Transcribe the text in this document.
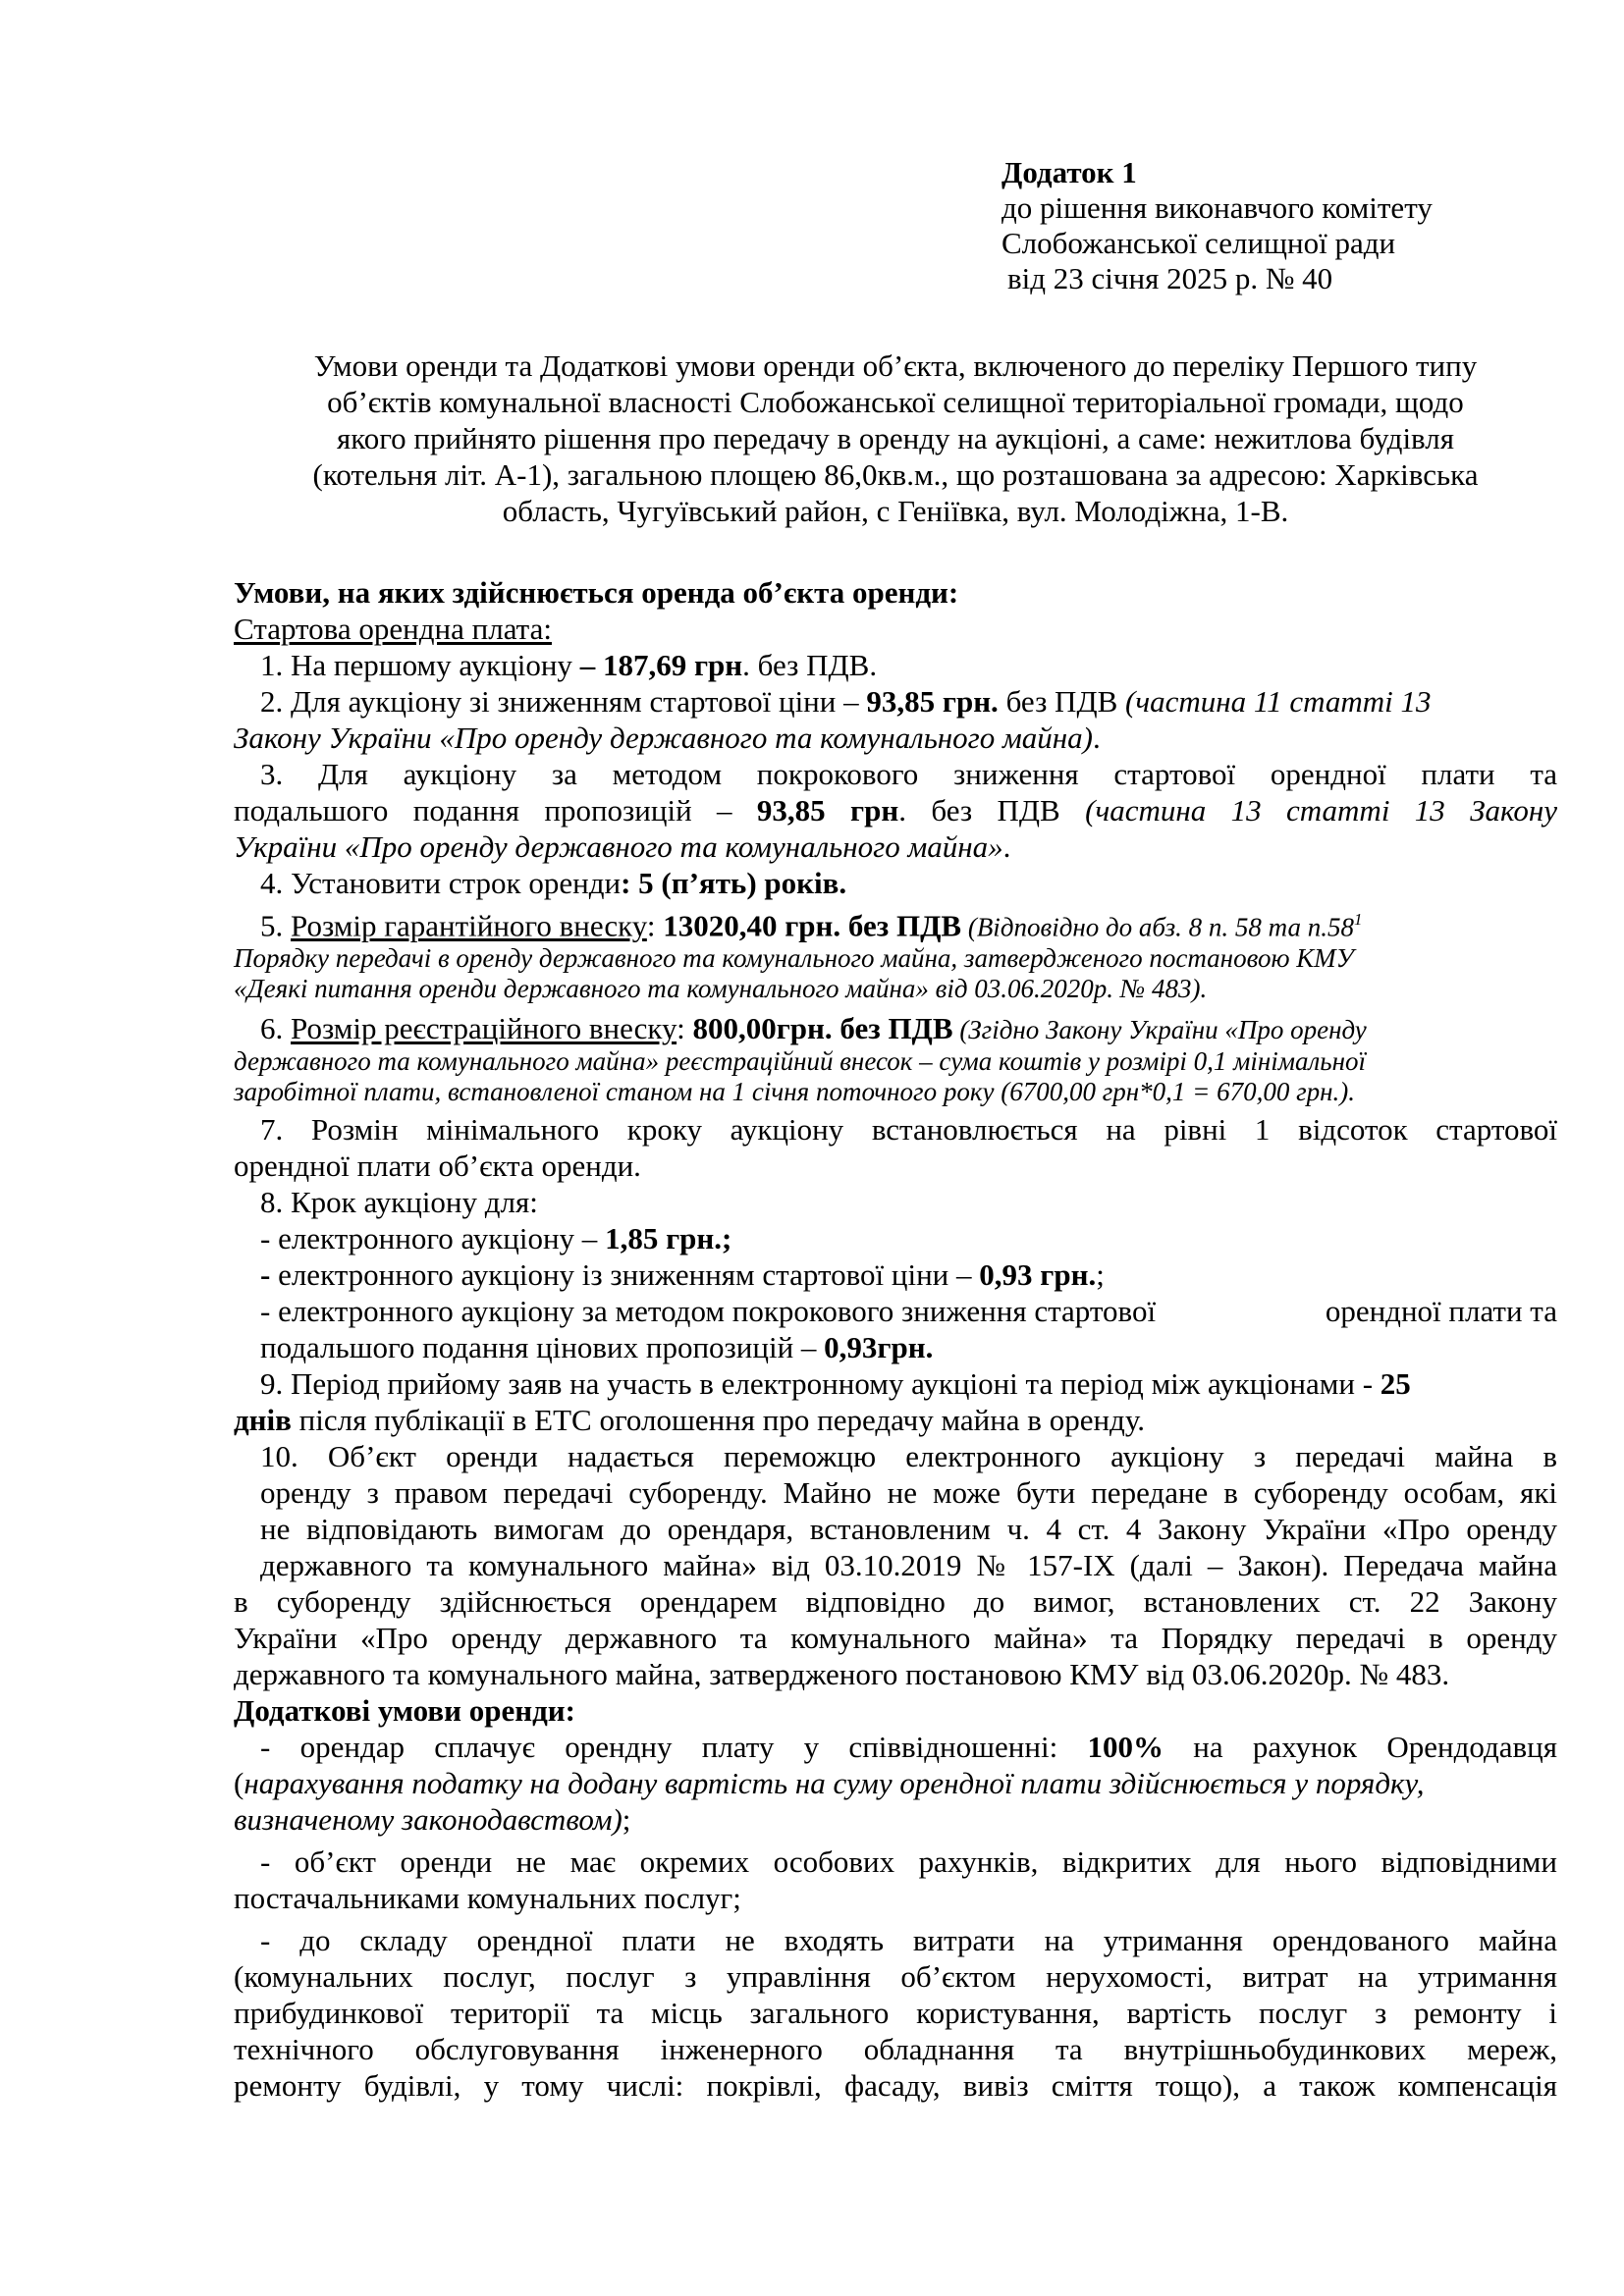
Додаток 1
до рішення виконавчого комітету
Слобожанської селищної ради
від 23 січня 2025 р. № 40
Умови оренди та Додаткові умови оренди об’єкта, включеного до переліку Першого типу
об’єктів комунальної власності Слобожанської селищної територіальної громади, щодо
якого прийнято рішення про передачу в оренду на аукціоні, а саме: нежитлова будівля
(котельня літ. А-1), загальною площею 86,0кв.м., що розташована за адресою: Харківська
область, Чугуївський район, с Геніївка, вул. Молодіжна, 1-В.
Умови, на яких здійснюється оренда об’єкта оренди:
Стартова орендна плата:
1. На першому аукціону – 187,69 грн. без ПДВ.
2. Для аукціону зі зниженням стартової ціни – 93,85 грн. без ПДВ (частина 11 статті 13
Закону України «Про оренду державного та комунального майна).
3. Для аукціону за методом покрокового зниження стартової орендної плати та
подальшого подання пропозицій – 93,85 грн. без ПДВ (частина 13 статті 13 Закону
України «Про оренду державного та комунального майна».
4. Установити строк оренди: 5 (п’ять) років.
5. Розмір гарантійного внеску: 13020,40 грн. без ПДВ (Відповідно до абз. 8 п. 58 та $п.58^1$
Порядку передачі в оренду державного та комунального майна, затвердженого постановою КМУ
«Деякі питання оренди державного та комунального майна» від 03.06.2020р. № 483).
6. Розмір реєстраційного внеску: 800,00грн. без ПДВ (Згідно Закону України «Про оренду
державного та комунального майна» реєстраційний внесок – сума коштів у розмірі 0,1 мінімальної
заробітної плати, встановленої станом на 1 січня поточного року (6700,00 грн*0,1 = 670,00 грн.).
7. Розмін мінімального кроку аукціону встановлюється на рівні 1 відсоток стартової
орендної плати об’єкта оренди.
8. Крок аукціону для:
- електронного аукціону – 1,85 грн.;
- електронного аукціону із зниженням стартової ціни – 0,93 грн.;
- електронного аукціону за методом покрокового зниження стартової	орендної плати та
подальшого подання цінових пропозицій – 0,93грн.
9. Період прийому заяв на участь в електронному аукціоні та період між аукціонами - 25
днів після публікації в ЕТС оголошення про передачу майна в оренду.
10. Об’єкт оренди надається переможцю електронного аукціону з передачі майна в
оренду з правом передачі суборенду. Майно не може бути передане в суборенду особам, які
не відповідають вимогам до орендаря, встановленим ч. 4 ст. 4 Закону України «Про оренду
державного та комунального майна» від 03.10.2019 № 157-IX (далі – Закон). Передача майна
в суборенду здійснюється орендарем відповідно до вимог, встановлених ст. 22 Закону
України «Про оренду державного та комунального майна» та Порядку передачі в оренду
державного та комунального майна, затвердженого постановою КМУ від 03.06.2020р. № 483.
Додаткові умови оренди:
- орендар сплачує орендну плату у співвідношенні: 100% на рахунок Орендодавця
(нарахування податку на додану вартість на суму орендної плати здійснюється у порядку,
визначеному законодавством);
- об’єкт оренди не має окремих особових рахунків, відкритих для нього відповідними
постачальниками комунальних послуг;
- до складу орендної плати не входять витрати на утримання орендованого майна
(комунальних послуг, послуг з управління об’єктом нерухомості, витрат на утримання
прибудинкової території та місць загального користування, вартість послуг з ремонту і
технічного обслуговування інженерного обладнання та внутрішньобудинкових мереж,
ремонту будівлі, у тому числі: покрівлі, фасаду, вивіз сміття тощо), а також компенсація
